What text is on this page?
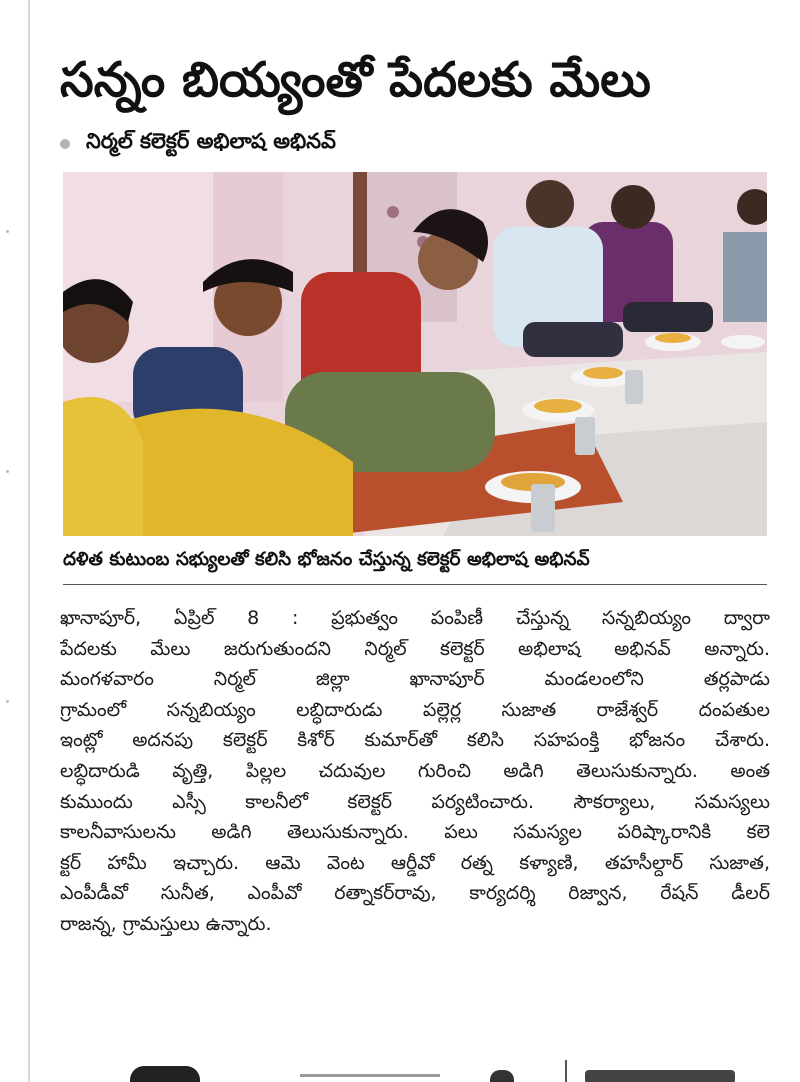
సన్నం బియ్యంతో పేదలకు మేలు
నిర్మల్ కలెక్టర్ అభిలాష అభినవ్
దళిత కుటుంబ సభ్యులతో కలిసి భోజనం చేస్తున్న కలెక్టర్ అభిలాష అభినవ్
ఖానాపూర్, ఏప్రిల్ 8 : ప్రభుత్వం పంపిణీ చేస్తున్న సన్నబియ్యం ద్వారా
పేదలకు మేలు జరుగుతుందని నిర్మల్ కలెక్టర్ అభిలాష అభినవ్ అన్నారు.
మంగళవారం నిర్మల్ జిల్లా ఖానాపూర్ మండలంలోని తర్లపాడు
గ్రామంలో సన్నబియ్యం లబ్ధిదారుడు పల్లెర్ల సుజాత రాజేశ్వర్ దంపతుల
ఇంట్లో అదనపు కలెక్టర్ కిశోర్ కుమార్‌తో కలిసి సహపంక్తి భోజనం చేశారు.
లబ్ధిదారుడి వృత్తి, పిల్లల చదువుల గురించి అడిగి తెలుసుకున్నారు. అంత
కుముందు ఎస్సీ కాలనీలో కలెక్టర్ పర్యటించారు. సౌకర్యాలు, సమస్యలు
కాలనీవాసులను అడిగి తెలుసుకున్నారు. పలు సమస్యల పరిష్కారానికి కలె
క్టర్ హామీ ఇచ్చారు. ఆమె వెంట ఆర్డీవో రత్న కళ్యాణి, తహసీల్దార్ సుజాత,
ఎంపీడీవో సునీత, ఎంపీవో రత్నాకర్‌రావు, కార్యదర్శి రిజ్వాన, రేషన్ డీలర్
రాజన్న, గ్రామస్తులు ఉన్నారు.
